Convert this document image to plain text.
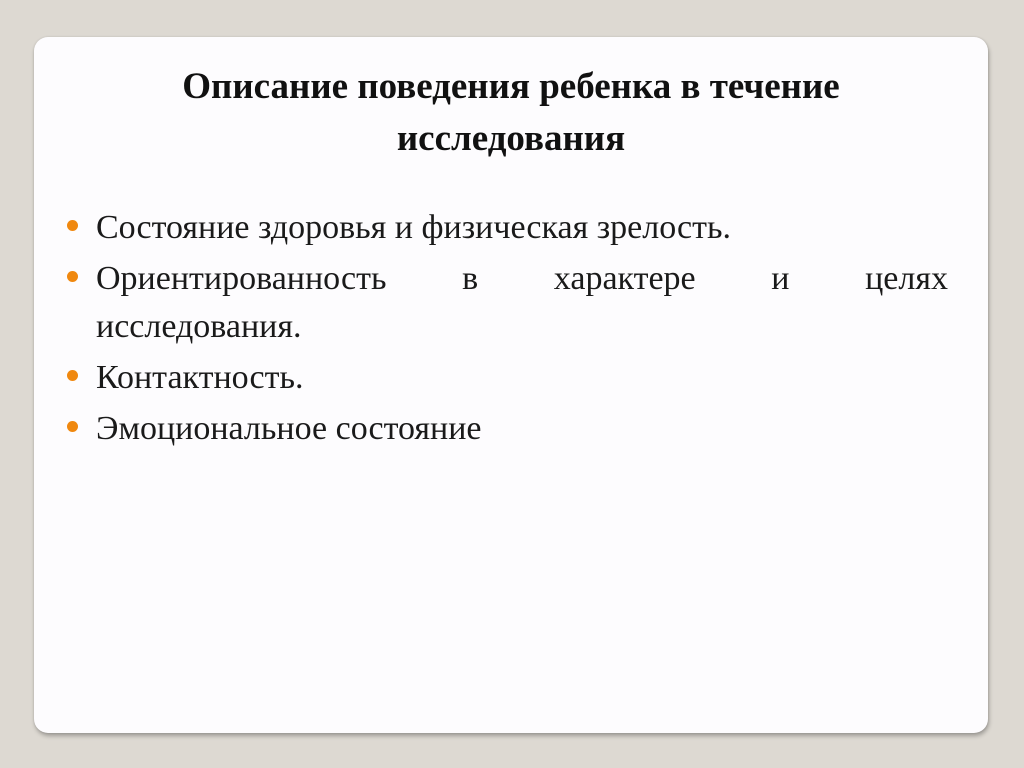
Описание поведения ребенка в течение
исследования
Состояние здоровья и физическая зрелость.
Ориентированность в характере и целях
исследования.
Контактность.
Эмоциональное состояние
